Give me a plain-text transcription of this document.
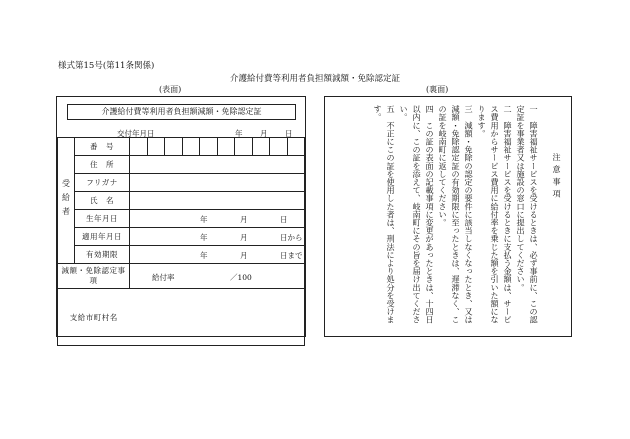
様式第15号(第11条関係)
介護給付費等利用者負担額減額・免除認定証
(表面)	(裏面)
介護給付費等利用者負担額減額・免除認定証
交付年月日	年 月 日
受給者	番　号	

	住　所	
	フリガナ	
	氏　名	
	生年月日	年 月 日

	適用年月日	年 月 日から

	有効期限	年 月 日まで

減額・免除認定事項		給付率 ／100

支給市町村名		

注意事項

一　障害福祉サービスを受けるときは、必ず事前に、この認定証を事業者又は施設の窓口に提出してください。

二　障害福祉サービスを受けるときに支払う金額は、サービス費用からサービス費用に給付率を乗じた額を引いた額になります。

三　減額・免除の認定の要件に該当しなくなったとき、又は減額・免除認定証の有効期限に至ったときは、遅滞なく、この証を岐南町に返してください。

四　この証の表面の記載事項に変更があったときは、十四日以内に、この証を添えて、岐南町にその旨を届け出てください。

五　不正にこの証を使用した者は、刑法により処分を受けます。
